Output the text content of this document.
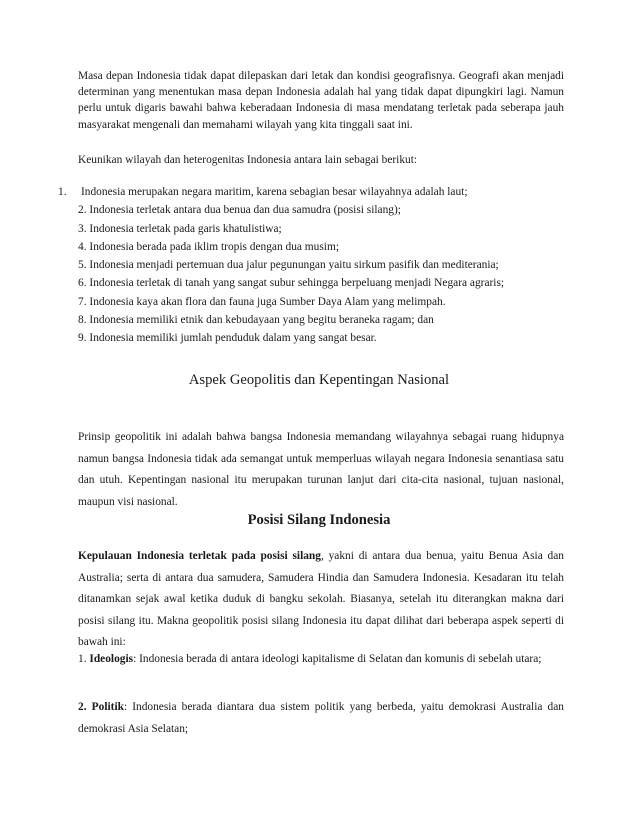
Masa depan Indonesia tidak dapat dilepaskan dari letak dan kondisi geografisnya. Geografi akan menjadi determinan yang menentukan masa depan Indonesia adalah hal yang tidak dapat dipungkiri lagi. Namun perlu untuk digaris bawahi bahwa keberadaan Indonesia di masa mendatang terletak pada seberapa jauh masyarakat mengenali dan memahami wilayah yang kita tinggali saat ini.
Keunikan wilayah dan heterogenitas Indonesia antara lain sebagai berikut:
1. Indonesia merupakan negara maritim, karena sebagian besar wilayahnya adalah laut;
2. Indonesia terletak antara dua benua dan dua samudra (posisi silang);
3. Indonesia terletak pada garis khatulistiwa;
4. Indonesia berada pada iklim tropis dengan dua musim;
5. Indonesia menjadi pertemuan dua jalur pegunungan yaitu sirkum pasifik dan mediterania;
6. Indonesia terletak di tanah yang sangat subur sehingga berpeluang menjadi Negara agraris;
7. Indonesia kaya akan flora dan fauna juga Sumber Daya Alam yang melimpah.
8. Indonesia memiliki etnik dan kebudayaan yang begitu beraneka ragam; dan
9. Indonesia memiliki jumlah penduduk dalam yang sangat besar.
Aspek Geopolitis dan Kepentingan Nasional
Prinsip geopolitik ini adalah bahwa bangsa Indonesia memandang wilayahnya sebagai ruang hidupnya namun bangsa Indonesia tidak ada semangat untuk memperluas wilayah negara Indonesia senantiasa satu dan utuh. Kepentingan nasional itu merupakan turunan lanjut dari cita-cita nasional, tujuan nasional, maupun visi nasional.
Posisi Silang Indonesia
Kepulauan Indonesia terletak pada posisi silang, yakni di antara dua benua, yaitu Benua Asia dan Australia; serta di antara dua samudera, Samudera Hindia dan Samudera Indonesia. Kesadaran itu telah ditanamkan sejak awal ketika duduk di bangku sekolah. Biasanya, setelah itu diterangkan makna dari posisi silang itu. Makna geopolitik posisi silang Indonesia itu dapat dilihat dari beberapa aspek seperti di bawah ini:
1. Ideologis: Indonesia berada di antara ideologi kapitalisme di Selatan dan komunis di sebelah utara;
2. Politik: Indonesia berada diantara dua sistem politik yang berbeda, yaitu demokrasi Australia dan demokrasi Asia Selatan;
